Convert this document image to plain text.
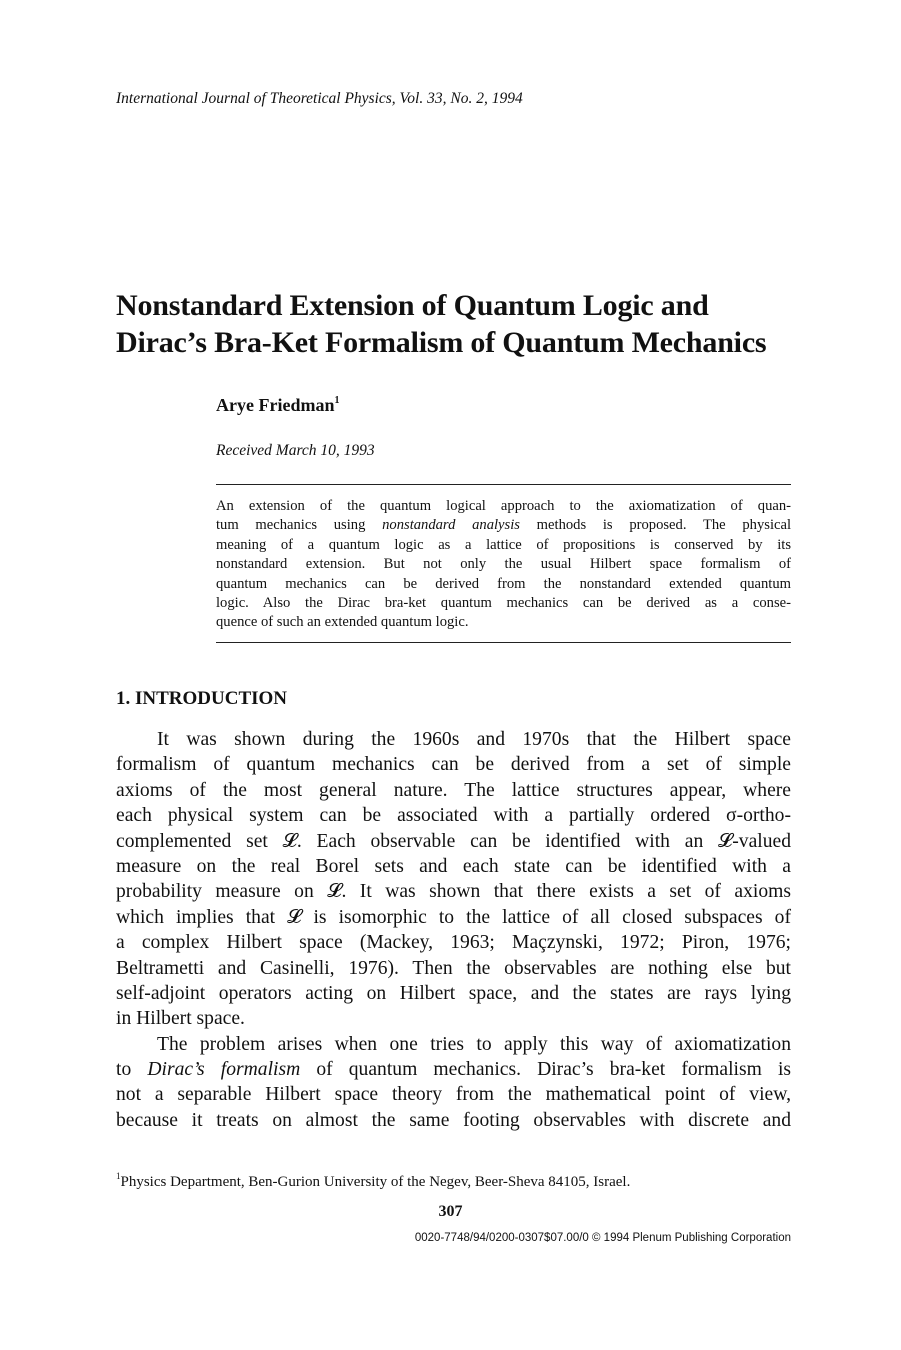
International Journal of Theoretical Physics, Vol. 33, No. 2, 1994
Nonstandard Extension of Quantum Logic and
Dirac’s Bra-Ket Formalism of Quantum Mechanics
Arye Friedman$^1$
Received March 10, 1993
An extension of the quantum logical approach to the axiomatization of quan-
tum mechanics using nonstandard analysis methods is proposed. The physical
meaning of a quantum logic as a lattice of propositions is conserved by its
nonstandard extension. But not only the usual Hilbert space formalism of
quantum mechanics can be derived from the nonstandard extended quantum
logic. Also the Dirac bra-ket quantum mechanics can be derived as a conse-
quence of such an extended quantum logic.
1. INTRODUCTION
It was shown during the 1960s and 1970s that the Hilbert space
formalism of quantum mechanics can be derived from a set of simple
axioms of the most general nature. The lattice structures appear, where
each physical system can be associated with a partially ordered σ-ortho-
complemented set 𝓛. Each observable can be identified with an 𝓛-valued
measure on the real Borel sets and each state can be identified with a
probability measure on 𝓛. It was shown that there exists a set of axioms
which implies that 𝓛 is isomorphic to the lattice of all closed subspaces of
a complex Hilbert space (Mackey, 1963; Maçzynski, 1972; Piron, 1976;
Beltrametti and Casinelli, 1976). Then the observables are nothing else but
self-adjoint operators acting on Hilbert space, and the states are rays lying
in Hilbert space.
The problem arises when one tries to apply this way of axiomatization
to Dirac’s formalism of quantum mechanics. Dirac’s bra-ket formalism is
not a separable Hilbert space theory from the mathematical point of view,
because it treats on almost the same footing observables with discrete and
$^1$Physics Department, Ben-Gurion University of the Negev, Beer-Sheva 84105, Israel.
307
0020-7748/94/0200-0307$07.00/0 © 1994 Plenum Publishing Corporation
